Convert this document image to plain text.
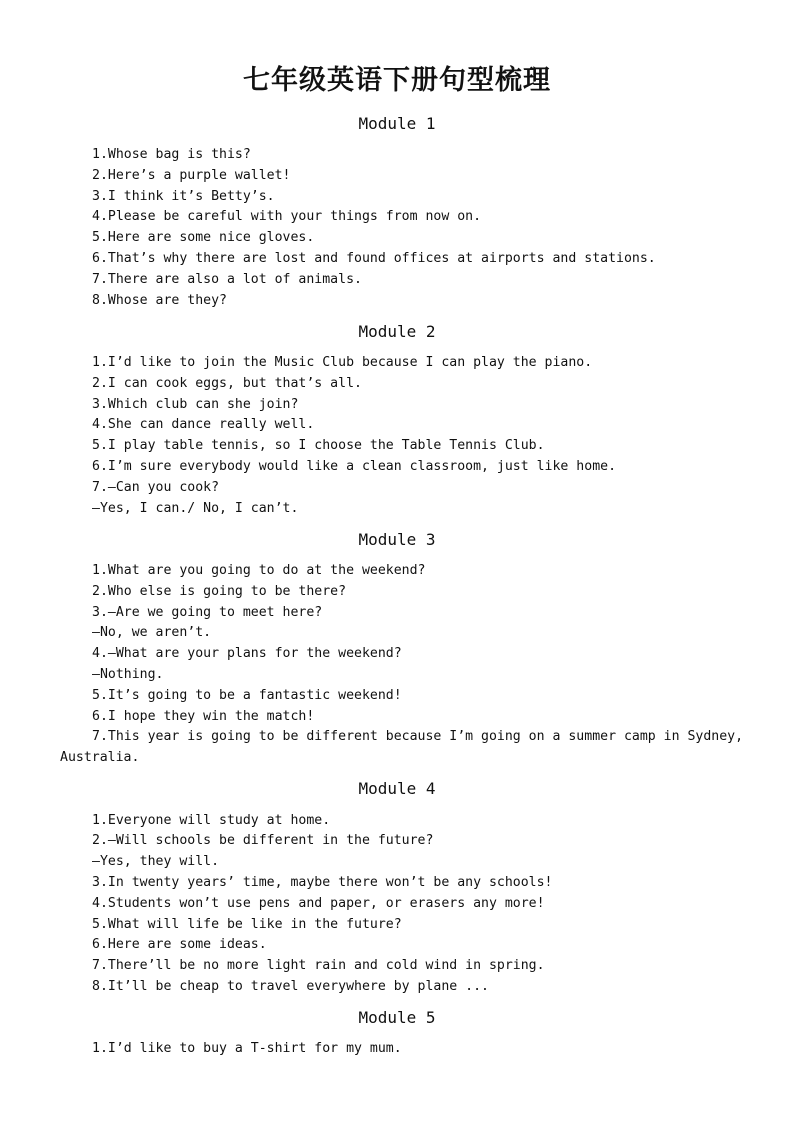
七年级英语下册句型梳理
Module 1
1.Whose bag is this?
2.Here’s a purple wallet!
3.I think it’s Betty’s.
4.Please be careful with your things from now on.
5.Here are some nice gloves.
6.That’s why there are lost and found offices at airports and stations.
7.There are also a lot of animals.
8.Whose are they?
Module 2
1.I’d like to join the Music Club because I can play the piano.
2.I can cook eggs, but that’s all.
3.Which club can she join?
4.She can dance really well.
5.I play table tennis, so I choose the Table Tennis Club.
6.I’m sure everybody would like a clean classroom, just like home.
7.—Can you cook?
—Yes, I can./ No, I can’t.
Module 3
1.What are you going to do at the weekend?
2.Who else is going to be there?
3.—Are we going to meet here?
—No, we aren’t.
4.—What are your plans for the weekend?
—Nothing.
5.It’s going to be a fantastic weekend!
6.I hope they win the match!
7.This year is going to be different because I’m going on a summer camp in Sydney,
Australia.
Module 4
1.Everyone will study at home.
2.—Will schools be different in the future?
—Yes, they will.
3.In twenty years’ time, maybe there won’t be any schools!
4.Students won’t use pens and paper, or erasers any more!
5.What will life be like in the future?
6.Here are some ideas.
7.There’ll be no more light rain and cold wind in spring.
8.It’ll be cheap to travel everywhere by plane ...
Module 5
1.I’d like to buy a T-shirt for my mum.
